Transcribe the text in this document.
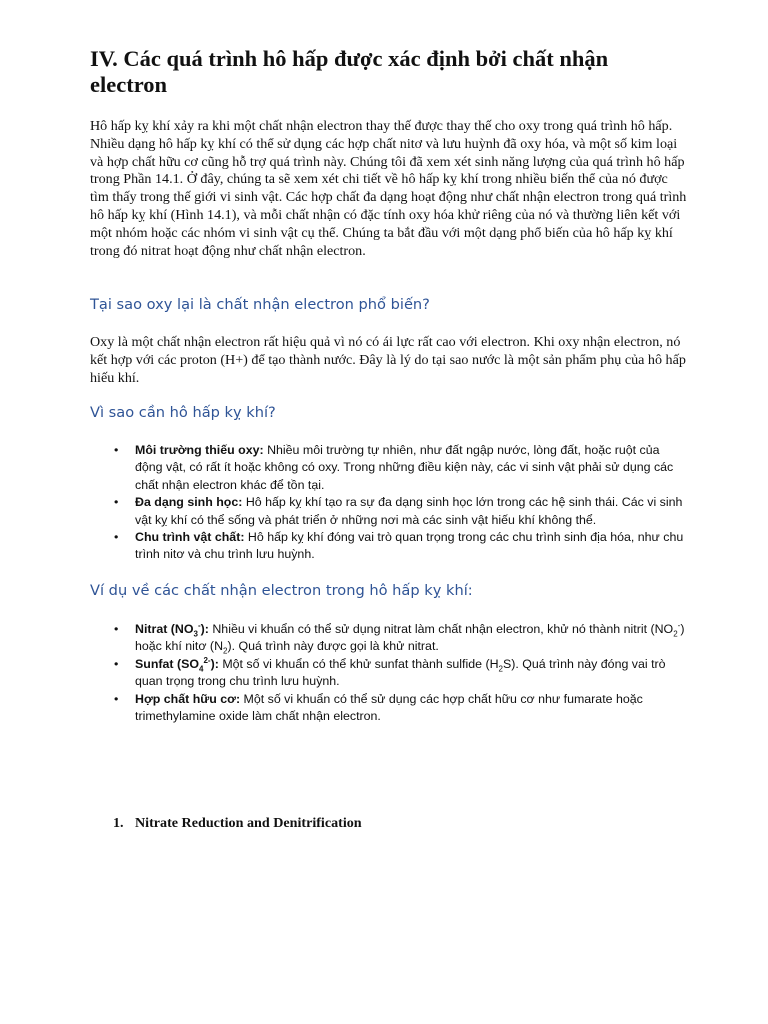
IV. Các quá trình hô hấp được xác định bởi chất nhận electron

Hô hấp kỵ khí xảy ra khi một chất nhận electron thay thế được thay thế cho oxy trong quá trình hô hấp. Nhiều dạng hô hấp kỵ khí có thể sử dụng các hợp chất nitơ và lưu huỳnh đã oxy hóa, và một số kim loại và hợp chất hữu cơ cũng hỗ trợ quá trình này. Chúng tôi đã xem xét sinh năng lượng của quá trình hô hấp trong Phần 14.1. Ở đây, chúng ta sẽ xem xét chi tiết về hô hấp kỵ khí trong nhiều biến thể của nó được tìm thấy trong thế giới vi sinh vật. Các hợp chất đa dạng hoạt động như chất nhận electron trong quá trình hô hấp kỵ khí (Hình 14.1), và mỗi chất nhận có đặc tính oxy hóa khử riêng của nó và thường liên kết với một nhóm hoặc các nhóm vi sinh vật cụ thể. Chúng ta bắt đầu với một dạng phổ biến của hô hấp kỵ khí trong đó nitrat hoạt động như chất nhận electron.

Tại sao oxy lại là chất nhận electron phổ biến?

Oxy là một chất nhận electron rất hiệu quả vì nó có ái lực rất cao với electron. Khi oxy nhận electron, nó kết hợp với các proton (H+) để tạo thành nước. Đây là lý do tại sao nước là một sản phẩm phụ của hô hấp hiếu khí.

Vì sao cần hô hấp kỵ khí?
• Môi trường thiếu oxy: Nhiều môi trường tự nhiên, như đất ngập nước, lòng đất, hoặc ruột của động vật, có rất ít hoặc không có oxy. Trong những điều kiện này, các vi sinh vật phải sử dụng các chất nhận electron khác để tồn tại.
• Đa dạng sinh học: Hô hấp kỵ khí tạo ra sự đa dạng sinh học lớn trong các hệ sinh thái. Các vi sinh vật kỵ khí có thể sống và phát triển ở những nơi mà các sinh vật hiếu khí không thể.
• Chu trình vật chất: Hô hấp kỵ khí đóng vai trò quan trọng trong các chu trình sinh địa hóa, như chu trình nitơ và chu trình lưu huỳnh.
Ví dụ về các chất nhận electron trong hô hấp kỵ khí:
• Nitrat $(NO_3^-)$: Nhiều vi khuẩn có thể sử dụng nitrat làm chất nhận electron, khử nó thành nitrit $(NO_2^-)$ hoặc khí nitơ $(N_2)$. Quá trình này được gọi là khử nitrat.
• Sunfat $(SO_4^{2-})$: Một số vi khuẩn có thể khử sunfat thành sulfide $(H_2S)$. Quá trình này đóng vai trò quan trọng trong chu trình lưu huỳnh.
• Hợp chất hữu cơ: Một số vi khuẩn có thể sử dụng các hợp chất hữu cơ như fumarate hoặc trimethylamine oxide làm chất nhận electron.

1. Nitrate Reduction and Denitrification
